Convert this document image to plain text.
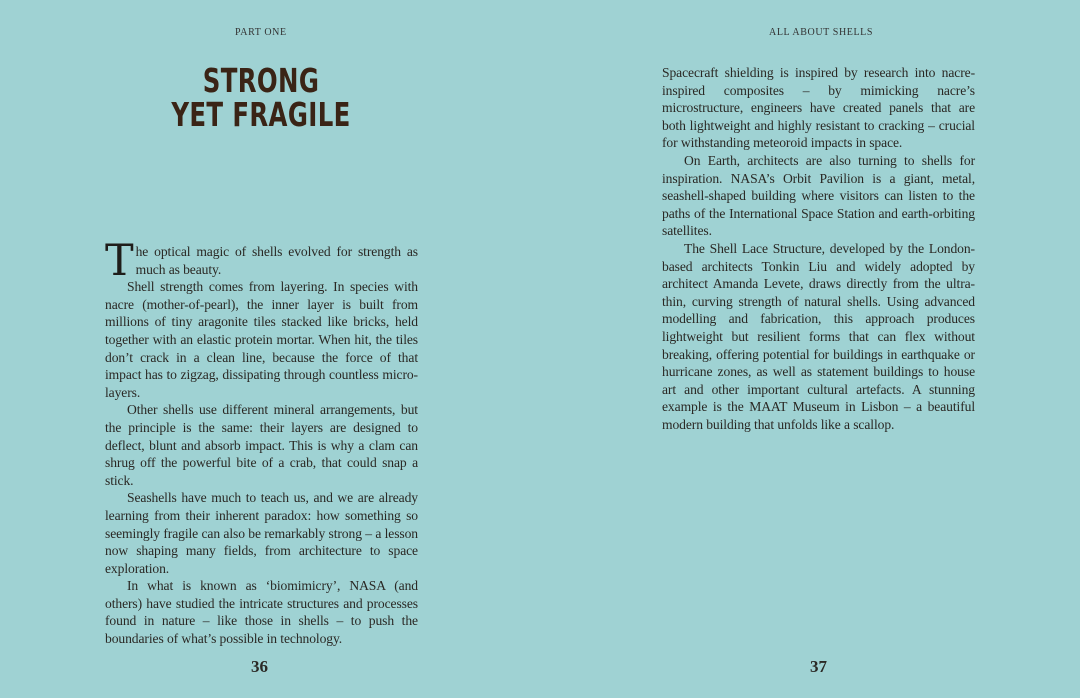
PART ONE
STRONG
YET FRAGILE

The optical magic of shells evolved for strength as much as beauty.

Shell strength comes from layering. In species with nacre (mother-of-pearl), the inner layer is built from millions of tiny aragonite tiles stacked like bricks, held together with an elastic protein mortar. When hit, the tiles don’t crack in a clean line, because the force of that impact has to zigzag, dissipating through countless micro-layers.

Other shells use different mineral arrangements, but the principle is the same: their layers are designed to deflect, blunt and absorb impact. This is why a clam can shrug off the powerful bite of a crab, that could snap a stick.

Seashells have much to teach us, and we are already learning from their inherent paradox: how something so seemingly fragile can also be remarkably strong – a lesson now shaping many fields, from architecture to space exploration.

In what is known as ‘biomimicry’, NASA (and others) have studied the intricate structures and processes found in nature – like those in shells – to push the boundaries of what’s possible in technology.

36
ALL ABOUT SHELLS

Spacecraft shielding is inspired by research into nacre-inspired composites – by mimicking nacre’s microstructure, engineers have created panels that are both lightweight and highly resistant to cracking – crucial for withstanding meteoroid impacts in space.

On Earth, architects are also turning to shells for inspiration. NASA’s Orbit Pavilion is a giant, metal, seashell-shaped building where visitors can listen to the paths of the International Space Station and earth-orbiting satellites.

The Shell Lace Structure, developed by the London-based architects Tonkin Liu and widely adopted by architect Amanda Levete, draws directly from the ultra-thin, curving strength of natural shells. Using advanced modelling and fabrication, this approach produces lightweight but resilient forms that can flex without breaking, offering potential for buildings in earthquake or hurricane zones, as well as statement buildings to house art and other important cultural artefacts. A stunning example is the MAAT Museum in Lisbon – a beautiful modern building that unfolds like a scallop.

37
